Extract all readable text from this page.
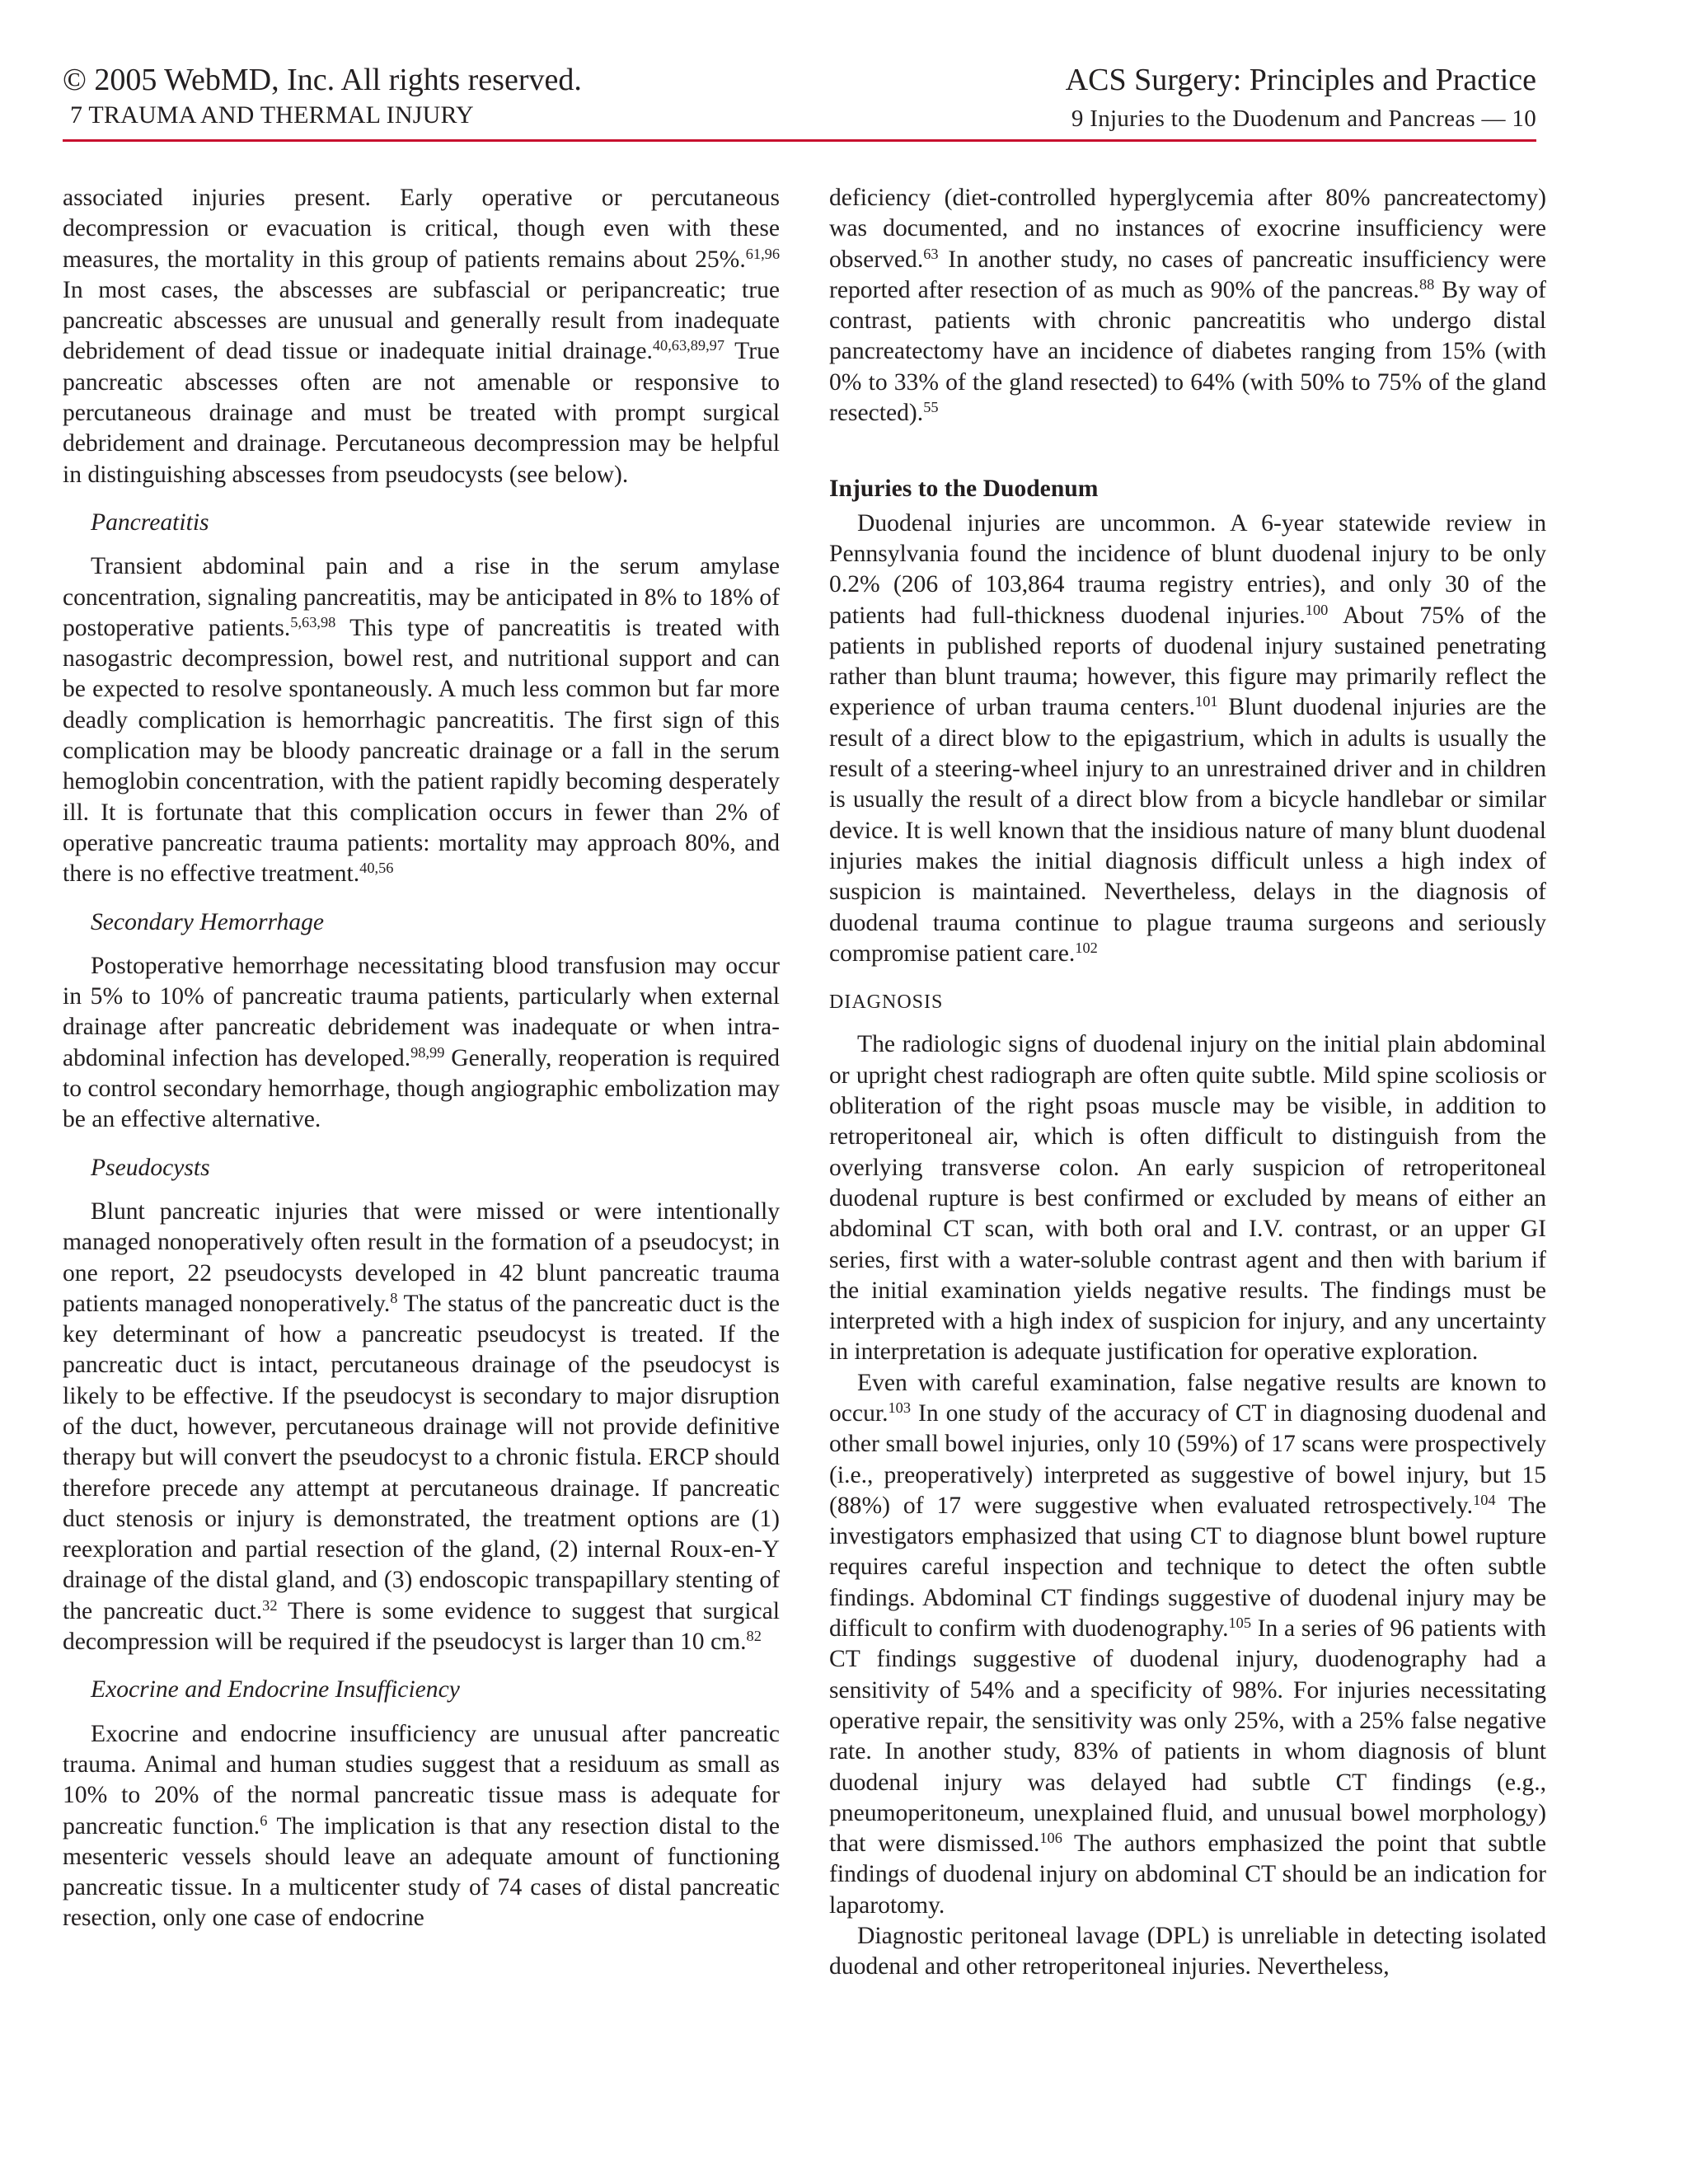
© 2005 WebMD, Inc. All rights reserved.
7 TRAUMA AND THERMAL INJURY
ACS Surgery: Principles and Practice
9 Injuries to the Duodenum and Pancreas — 10

associated injuries present. Early operative or percutaneous decompression or evacuation is critical, though even with these measures, the mortality in this group of patients remains about 25%.$^{61,96}$ In most cases, the abscesses are subfascial or peripancreatic; true pancreatic abscesses are unusual and generally result from inadequate debridement of dead tissue or inadequate initial drainage.$^{40,63,89,97}$ True pancreatic abscesses often are not amenable or responsive to percutaneous drainage and must be treated with prompt surgical debridement and drainage. Percutaneous decompression may be helpful in distinguishing abscesses from pseudocysts (see below).

Pancreatitis

Transient abdominal pain and a rise in the serum amylase concentration, signaling pancreatitis, may be anticipated in 8% to 18% of postoperative patients.$^{5,63,98}$ This type of pancreatitis is treated with nasogastric decompression, bowel rest, and nutritional support and can be expected to resolve spontaneously. A much less common but far more deadly complication is hemorrhagic pancreatitis. The first sign of this complication may be bloody pancreatic drainage or a fall in the serum hemoglobin concentration, with the patient rapidly becoming desperately ill. It is fortunate that this complication occurs in fewer than 2% of operative pancreatic trauma patients: mortality may approach 80%, and there is no effective treatment.$^{40,56}$

Secondary Hemorrhage

Postoperative hemorrhage necessitating blood transfusion may occur in 5% to 10% of pancreatic trauma patients, particularly when external drainage after pancreatic debridement was inadequate or when intra-abdominal infection has developed.$^{98,99}$ Generally, reoperation is required to control secondary hemorrhage, though angiographic embolization may be an effective alternative.

Pseudocysts

Blunt pancreatic injuries that were missed or were intentionally managed nonoperatively often result in the formation of a pseudocyst; in one report, 22 pseudocysts developed in 42 blunt pancreatic trauma patients managed nonoperatively.$^8$ The status of the pancreatic duct is the key determinant of how a pancreatic pseudocyst is treated. If the pancreatic duct is intact, percutaneous drainage of the pseudocyst is likely to be effective. If the pseudocyst is secondary to major disruption of the duct, however, percutaneous drainage will not provide definitive therapy but will convert the pseudocyst to a chronic fistula. ERCP should therefore precede any attempt at percutaneous drainage. If pancreatic duct stenosis or injury is demonstrated, the treatment options are (1) reexploration and partial resection of the gland, (2) internal Roux-en-Y drainage of the distal gland, and (3) endoscopic transpapillary stenting of the pancreatic duct.$^{32}$ There is some evidence to suggest that surgical decompression will be required if the pseudocyst is larger than 10 cm.$^{82}$

Exocrine and Endocrine Insufficiency

Exocrine and endocrine insufficiency are unusual after pancreatic trauma. Animal and human studies suggest that a residuum as small as 10% to 20% of the normal pancreatic tissue mass is adequate for pancreatic function.$^6$ The implication is that any resection distal to the mesenteric vessels should leave an adequate amount of functioning pancreatic tissue. In a multicenter study of 74 cases of distal pancreatic resection, only one case of endocrine

deficiency (diet-controlled hyperglycemia after 80% pancreatectomy) was documented, and no instances of exocrine insufficiency were observed.$^{63}$ In another study, no cases of pancreatic insufficiency were reported after resection of as much as 90% of the pancreas.$^{88}$ By way of contrast, patients with chronic pancreatitis who undergo distal pancreatectomy have an incidence of diabetes ranging from 15% (with 0% to 33% of the gland resected) to 64% (with 50% to 75% of the gland resected).$^{55}$

Injuries to the Duodenum

Duodenal injuries are uncommon. A 6-year statewide review in Pennsylvania found the incidence of blunt duodenal injury to be only 0.2% (206 of 103,864 trauma registry entries), and only 30 of the patients had full-thickness duodenal injuries.$^{100}$ About 75% of the patients in published reports of duodenal injury sustained penetrating rather than blunt trauma; however, this figure may primarily reflect the experience of urban trauma centers.$^{101}$ Blunt duodenal injuries are the result of a direct blow to the epigastrium, which in adults is usually the result of a steering-wheel injury to an unrestrained driver and in children is usually the result of a direct blow from a bicycle handlebar or similar device. It is well known that the insidious nature of many blunt duodenal injuries makes the initial diagnosis difficult unless a high index of suspicion is maintained. Nevertheless, delays in the diagnosis of duodenal trauma continue to plague trauma surgeons and seriously compromise patient care.$^{102}$

DIAGNOSIS

The radiologic signs of duodenal injury on the initial plain abdominal or upright chest radiograph are often quite subtle. Mild spine scoliosis or obliteration of the right psoas muscle may be visible, in addition to retroperitoneal air, which is often difficult to distinguish from the overlying transverse colon. An early suspicion of retroperitoneal duodenal rupture is best confirmed or excluded by means of either an abdominal CT scan, with both oral and I.V. contrast, or an upper GI series, first with a water-soluble contrast agent and then with barium if the initial examination yields negative results. The findings must be interpreted with a high index of suspicion for injury, and any uncertainty in interpretation is adequate justification for operative exploration.

Even with careful examination, false negative results are known to occur.$^{103}$ In one study of the accuracy of CT in diagnosing duodenal and other small bowel injuries, only 10 (59%) of 17 scans were prospectively (i.e., preoperatively) interpreted as suggestive of bowel injury, but 15 (88%) of 17 were suggestive when evaluated retrospectively.$^{104}$ The investigators emphasized that using CT to diagnose blunt bowel rupture requires careful inspection and technique to detect the often subtle findings. Abdominal CT findings suggestive of duodenal injury may be difficult to confirm with duodenography.$^{105}$ In a series of 96 patients with CT findings suggestive of duodenal injury, duodenography had a sensitivity of 54% and a specificity of 98%. For injuries necessitating operative repair, the sensitivity was only 25%, with a 25% false negative rate. In another study, 83% of patients in whom diagnosis of blunt duodenal injury was delayed had subtle CT findings (e.g., pneumoperitoneum, unexplained fluid, and unusual bowel morphology) that were dismissed.$^{106}$ The authors emphasized the point that subtle findings of duodenal injury on abdominal CT should be an indication for laparotomy.

Diagnostic peritoneal lavage (DPL) is unreliable in detecting isolated duodenal and other retroperitoneal injuries. Nevertheless,
